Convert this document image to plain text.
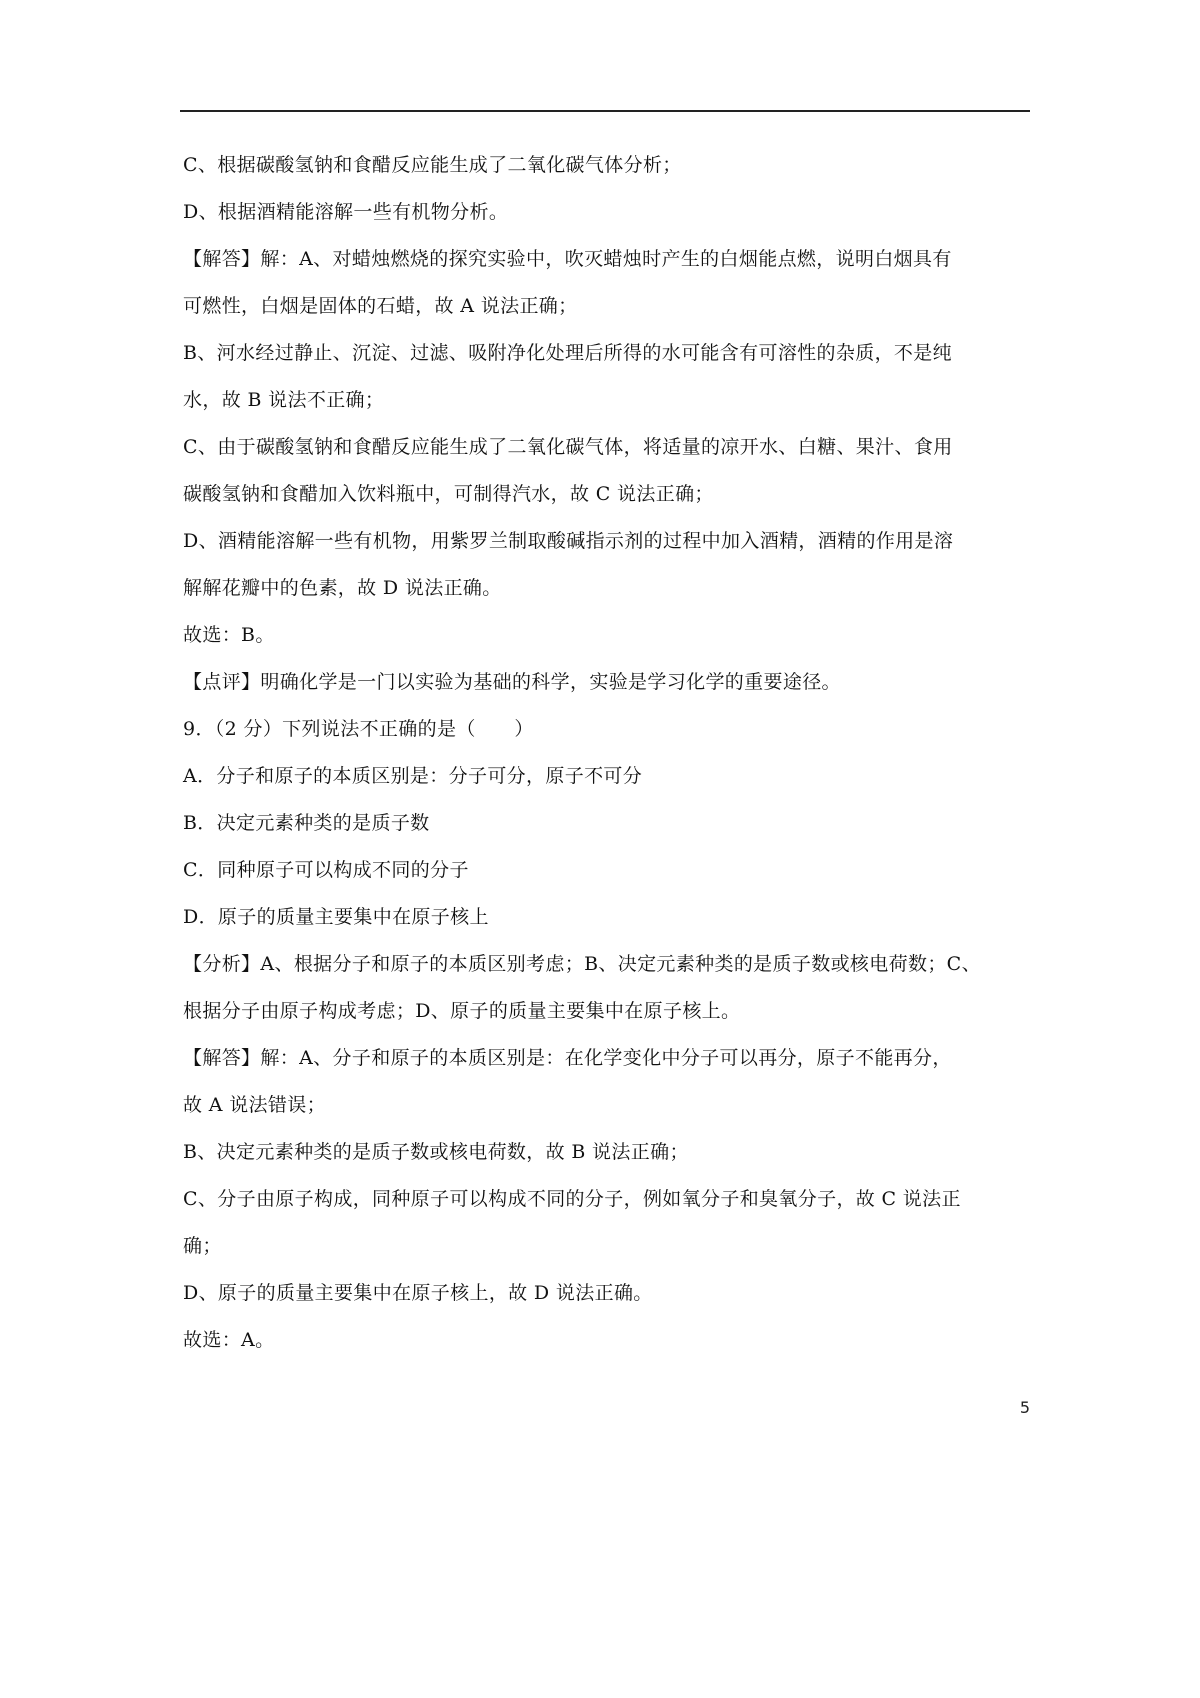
C、根据碳酸氢钠和食醋反应能生成了二氧化碳气体分析；
D、根据酒精能溶解一些有机物分析。
【解答】解：A、对蜡烛燃烧的探究实验中，吹灭蜡烛时产生的白烟能点燃，说明白烟具有
可燃性，白烟是固体的石蜡，故 A 说法正确；
B、河水经过静止、沉淀、过滤、吸附净化处理后所得的水可能含有可溶性的杂质，不是纯
水，故 B 说法不正确；
C、由于碳酸氢钠和食醋反应能生成了二氧化碳气体，将适量的凉开水、白糖、果汁、食用
碳酸氢钠和食醋加入饮料瓶中，可制得汽水，故 C 说法正确；
D、酒精能溶解一些有机物，用紫罗兰制取酸碱指示剂的过程中加入酒精，酒精的作用是溶
解解花瓣中的色素，故 D 说法正确。
故选：B。
【点评】明确化学是一门以实验为基础的科学，实验是学习化学的重要途径。
9．（2 分）下列说法不正确的是（　　）
A．分子和原子的本质区别是：分子可分，原子不可分
B．决定元素种类的是质子数
C．同种原子可以构成不同的分子
D．原子的质量主要集中在原子核上
【分析】A、根据分子和原子的本质区别考虑；B、决定元素种类的是质子数或核电荷数；C、
根据分子由原子构成考虑；D、原子的质量主要集中在原子核上。
【解答】解：A、分子和原子的本质区别是：在化学变化中分子可以再分，原子不能再分，
故 A 说法错误；
B、决定元素种类的是质子数或核电荷数，故 B 说法正确；
C、分子由原子构成，同种原子可以构成不同的分子，例如氧分子和臭氧分子，故 C 说法正
确；
D、原子的质量主要集中在原子核上，故 D 说法正确。
故选：A。
5
